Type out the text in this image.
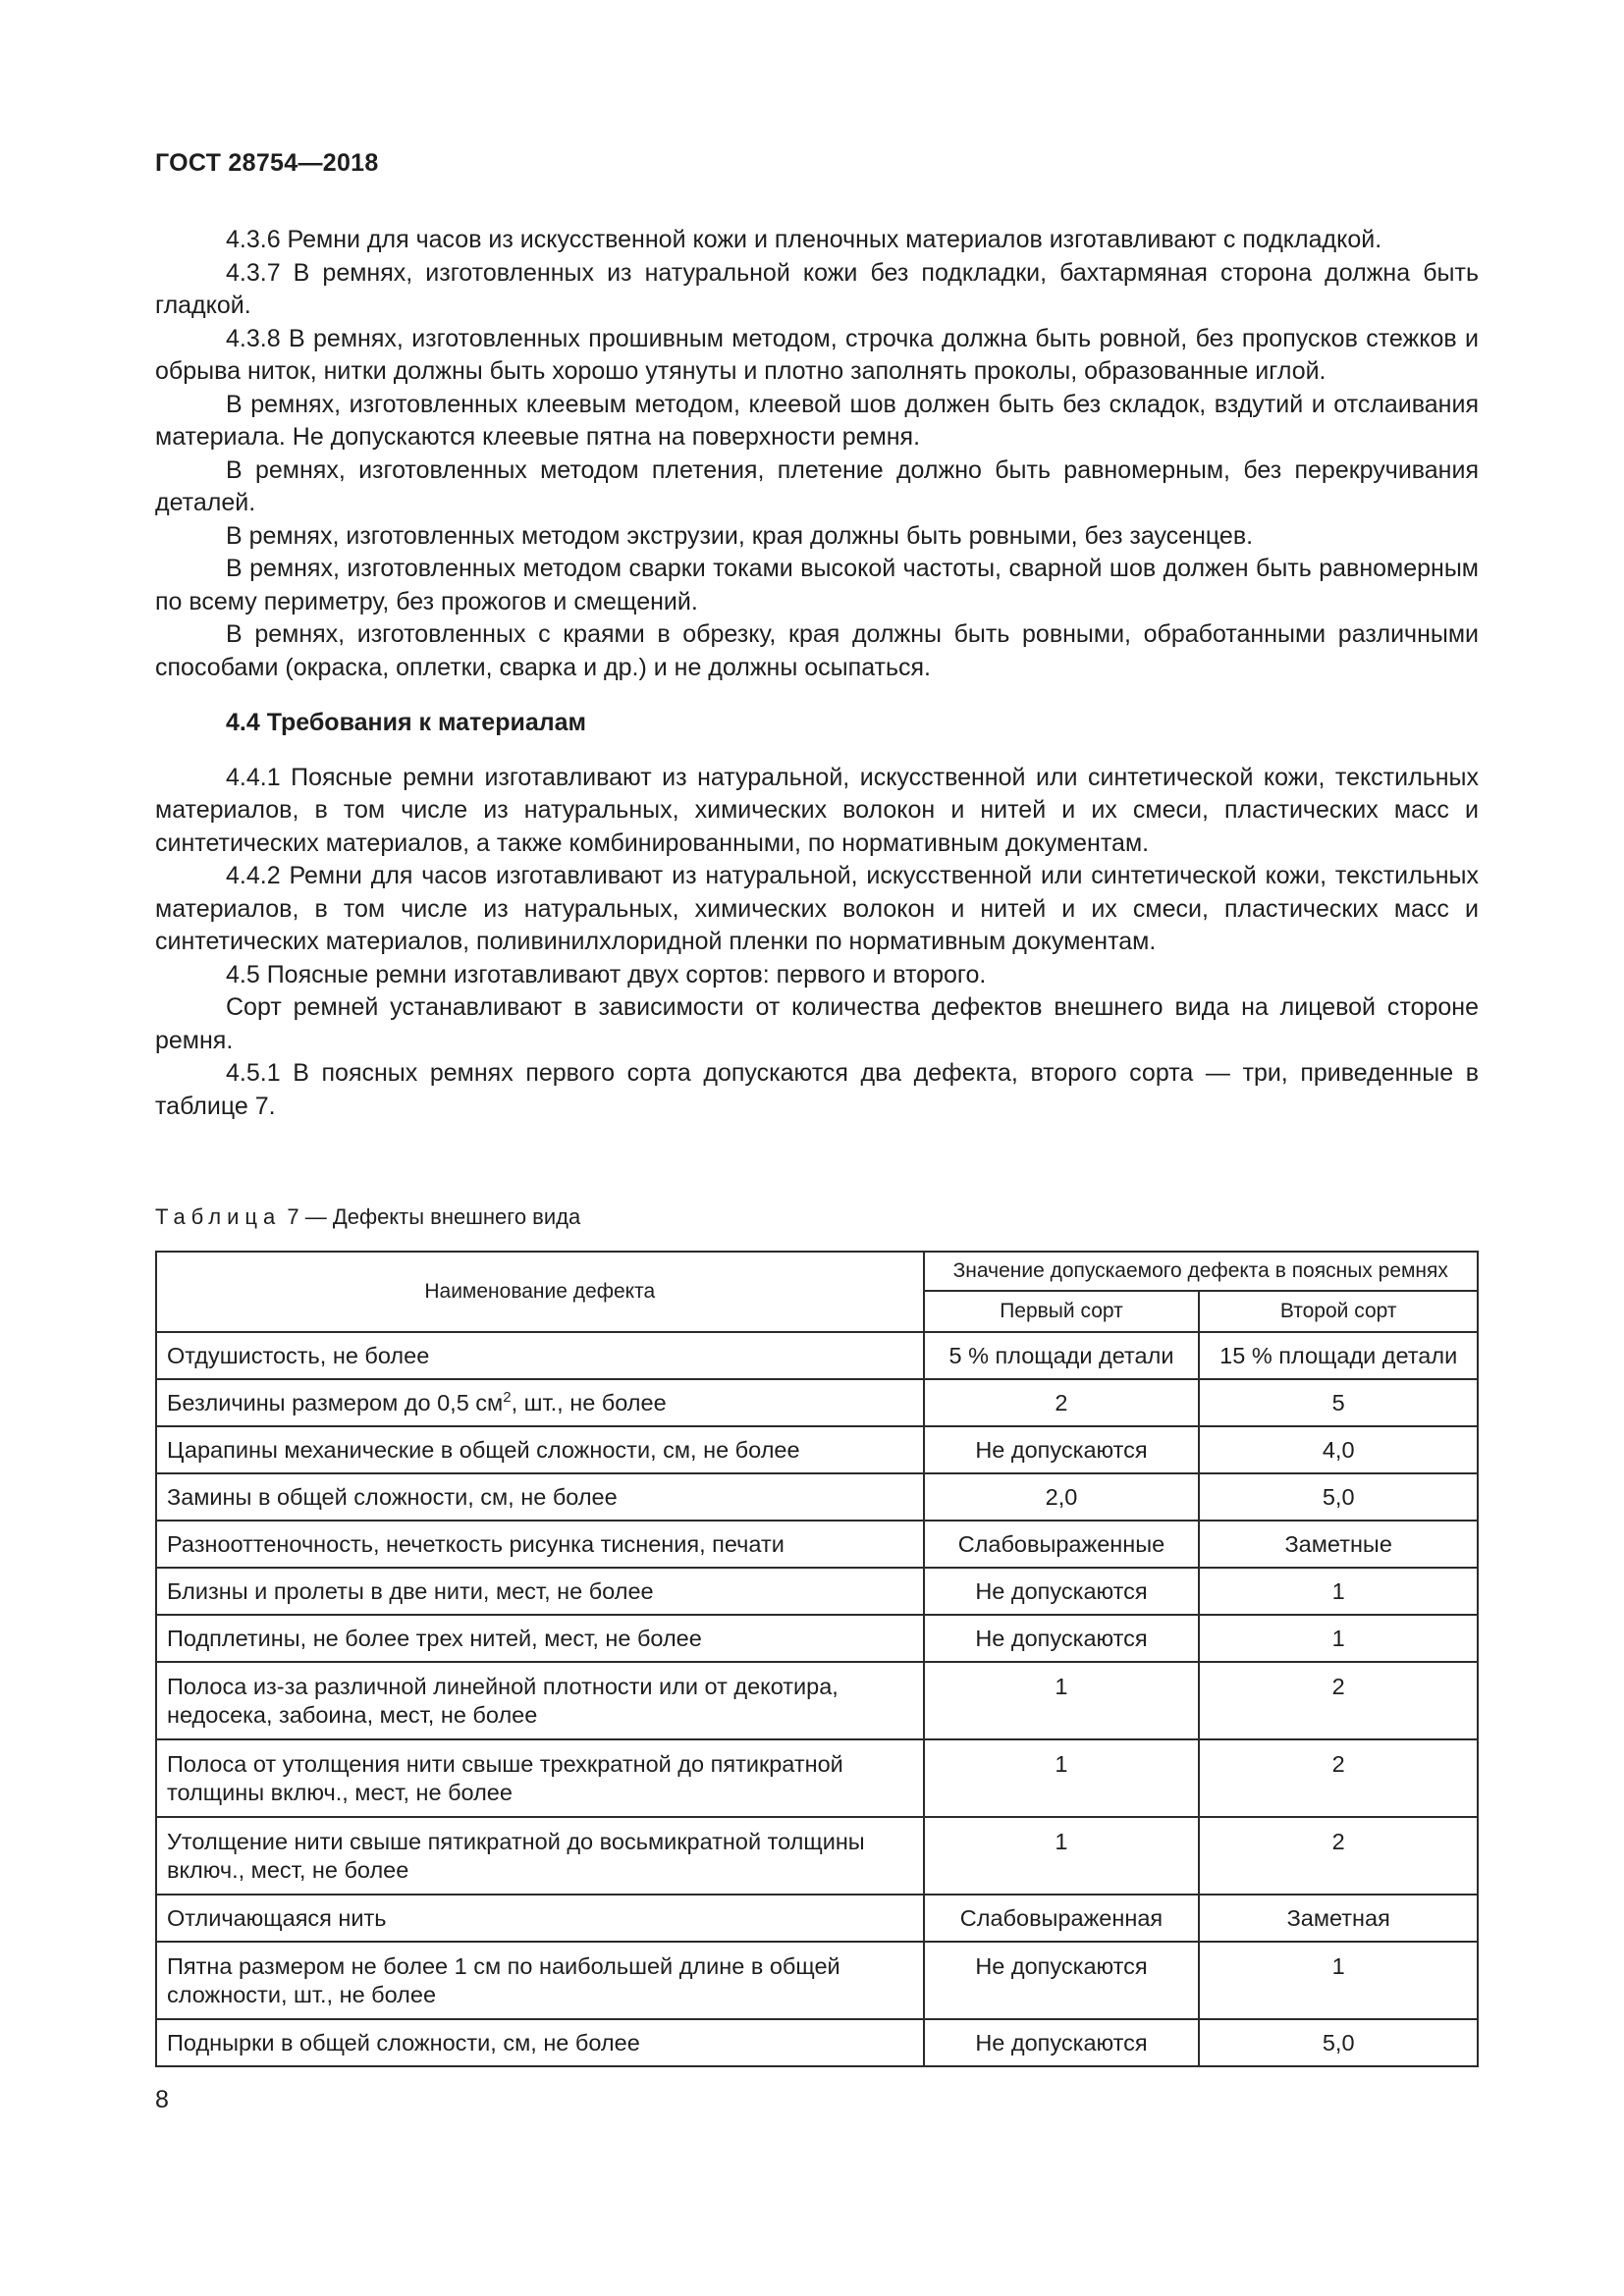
ГОСТ 28754—2018

4.3.6 Ремни для часов из искусственной кожи и пленочных материалов изготавливают с подкладкой.

4.3.7 В ремнях, изготовленных из натуральной кожи без подкладки, бахтармяная сторона должна быть гладкой.

4.3.8 В ремнях, изготовленных прошивным методом, строчка должна быть ровной, без пропусков стежков и обрыва ниток, нитки должны быть хорошо утянуты и плотно заполнять проколы, образованные иглой.

В ремнях, изготовленных клеевым методом, клеевой шов должен быть без складок, вздутий и отслаивания материала. Не допускаются клеевые пятна на поверхности ремня.

В ремнях, изготовленных методом плетения, плетение должно быть равномерным, без перекручивания деталей.

В ремнях, изготовленных методом экструзии, края должны быть ровными, без заусенцев.

В ремнях, изготовленных методом сварки токами высокой частоты, сварной шов должен быть равномерным по всему периметру, без прожогов и смещений.

В ремнях, изготовленных с краями в обрезку, края должны быть ровными, обработанными различными способами (окраска, оплетки, сварка и др.) и не должны осыпаться.

4.4 Требования к материалам

4.4.1 Поясные ремни изготавливают из натуральной, искусственной или синтетической кожи, текстильных материалов, в том числе из натуральных, химических волокон и нитей и их смеси, пластических масс и синтетических материалов, а также комбинированными, по нормативным документам.

4.4.2 Ремни для часов изготавливают из натуральной, искусственной или синтетической кожи, текстильных материалов, в том числе из натуральных, химических волокон и нитей и их смеси, пластических масс и синтетических материалов, поливинилхлоридной пленки по нормативным документам.

4.5 Поясные ремни изготавливают двух сортов: первого и второго.

Сорт ремней устанавливают в зависимости от количества дефектов внешнего вида на лицевой стороне ремня.

4.5.1 В поясных ремнях первого сорта допускаются два дефекта, второго сорта — три, приведенные в таблице 7.

Таблица 7 — Дефекты внешнего вида
Наименование дефекта	Значение допускаемого дефекта в поясных ремнях	
	Первый сорт	Второй сорт
Отдушистость, не более	5 % площади детали	15 % площади детали
Безличины размером до 0,5 $см^2$, шт., не более	2	5
Царапины механические в общей сложности, см, не более	Не допускаются	4,0
Замины в общей сложности, см, не более	2,0	5,0
Разнооттеночность, нечеткость рисунка тиснения, печати	Слабовыраженные	Заметные
Близны и пролеты в две нити, мест, не более	Не допускаются	1
Подплетины, не более трех нитей, мест, не более	Не допускаются	1
Полоса из-за различной линейной плотности или от декотира, недосека, забоина, мест, не более	1	2
Полоса от утолщения нити свыше трехкратной до пятикратной толщины включ., мест, не более	1	2
Утолщение нити свыше пятикратной до восьмикратной толщины включ., мест, не более	1	2
Отличающаяся нить	Слабовыраженная	Заметная
Пятна размером не более 1 см по наибольшей длине в общей сложности, шт., не более	Не допускаются	1
Поднырки в общей сложности, см, не более	Не допускаются	5,0
8
